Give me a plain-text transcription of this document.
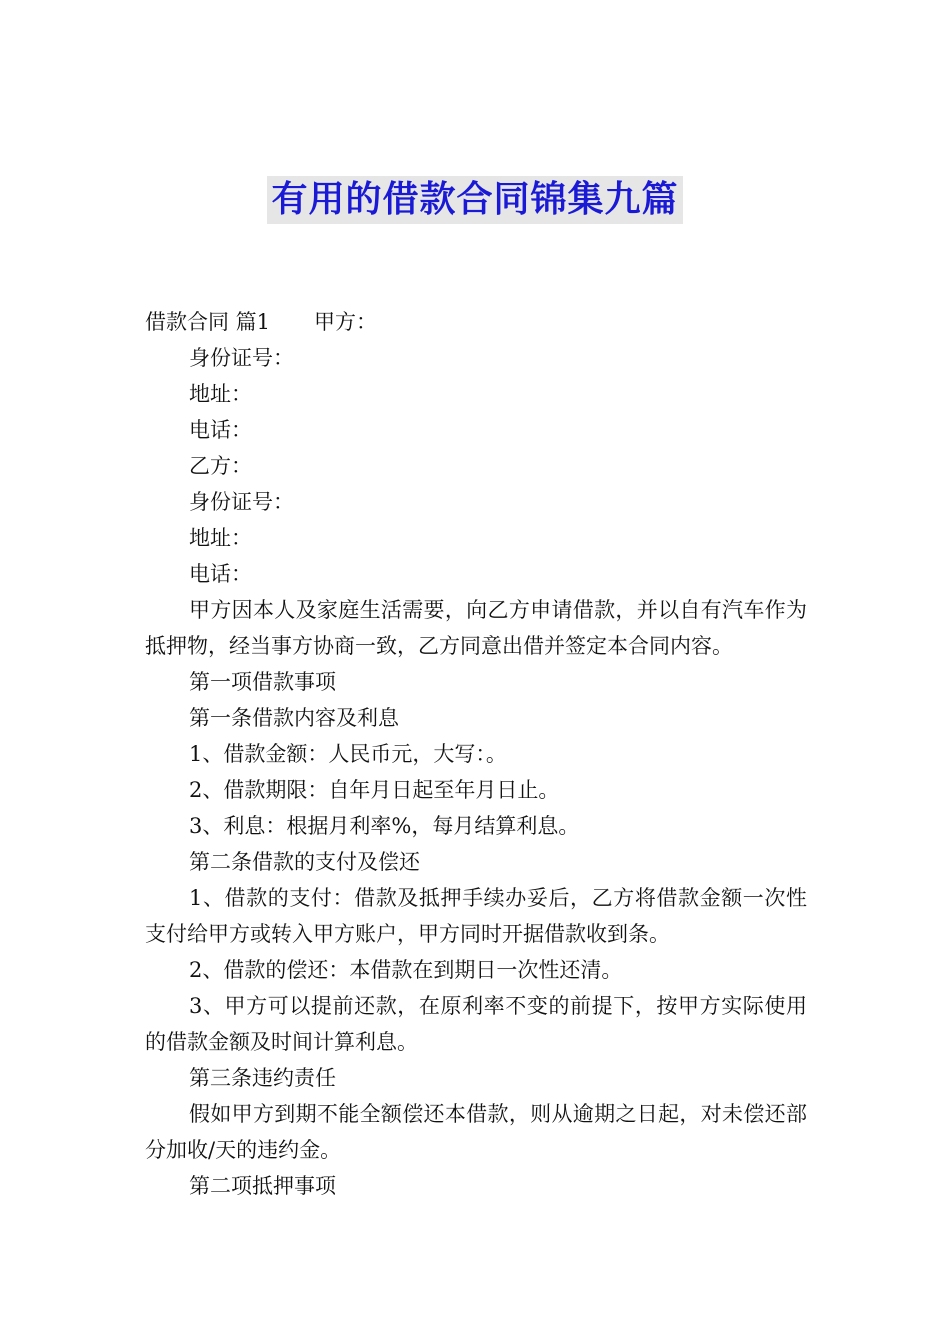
有用的借款合同锦集九篇

借款合同 篇1 甲方：

身份证号：

地址：

电话：

乙方：

身份证号：

地址：

电话：

甲方因本人及家庭生活需要，向乙方申请借款，并以自有汽车作为抵押物，经当事方协商一致，乙方同意出借并签定本合同内容。

第一项借款事项

第一条借款内容及利息

1、借款金额：人民币元，大写：。

2、借款期限：自年月日起至年月日止。

3、利息：根据月利率%，每月结算利息。

第二条借款的支付及偿还

1、借款的支付：借款及抵押手续办妥后，乙方将借款金额一次性支付给甲方或转入甲方账户，甲方同时开据借款收到条。

2、借款的偿还：本借款在到期日一次性还清。

3、甲方可以提前还款，在原利率不变的前提下，按甲方实际使用的借款金额及时间计算利息。

第三条违约责任

假如甲方到期不能全额偿还本借款，则从逾期之日起，对未偿还部分加收/天的违约金。

第二项抵押事项
